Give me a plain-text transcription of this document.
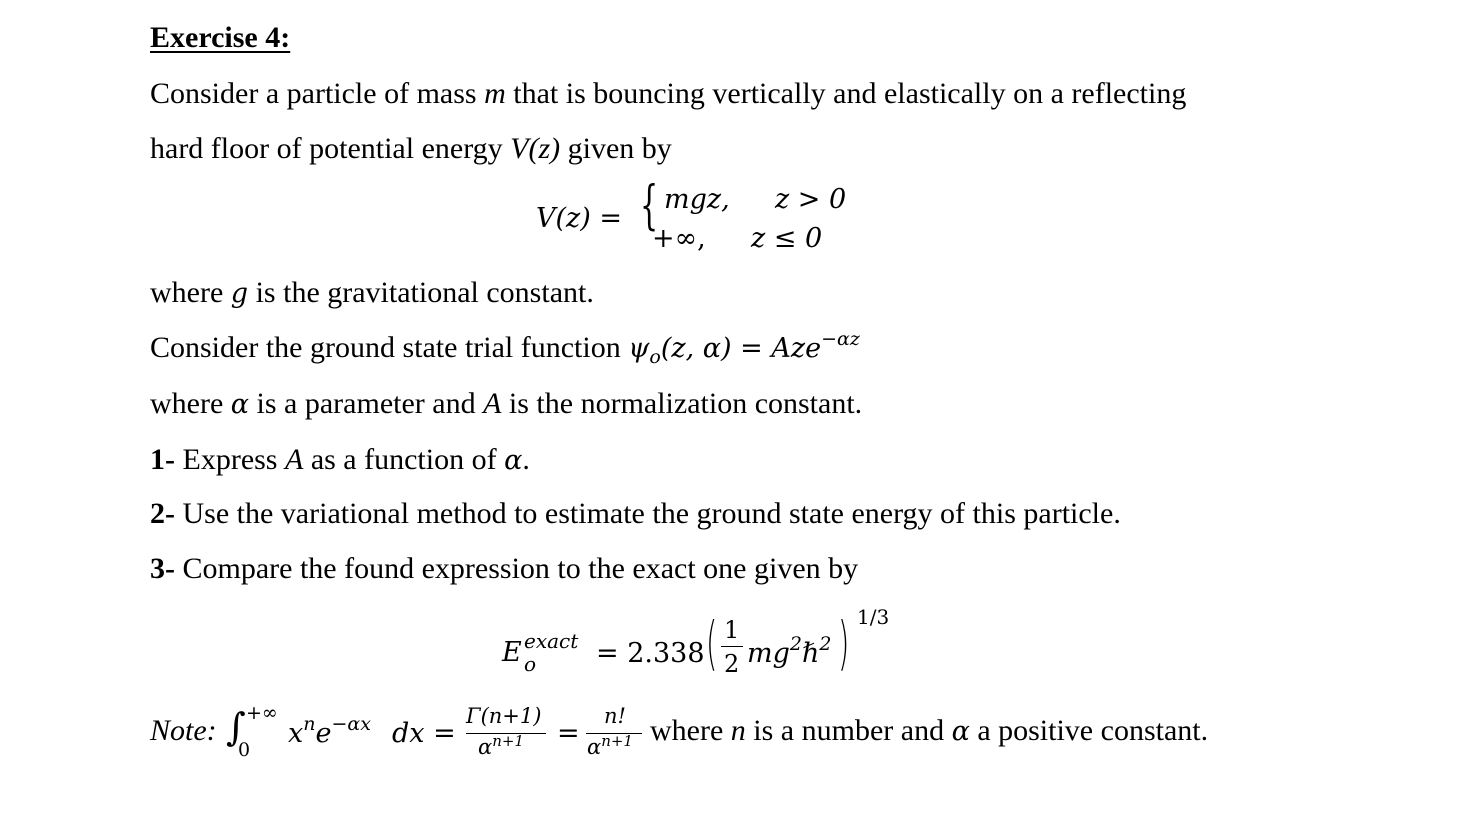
Exercise 4:
Consider a particle of mass m that is bouncing vertically and elastically on a reflecting
hard floor of potential energy V(z) given by
V(z) = { mgz, z > 0
+∞, z ≤ 0
where g is the gravitational constant.
Consider the ground state trial function $\psi_o(z$, α) = Aze$^{-\alpha z}$
where α is a parameter and A is the normalization constant.
1- Express A as a function of α.
2- Use the variational method to estimate the ground state energy of this particle.
3- Compare the found expression to the exact one given by
E exact
o = 2.338 ( 1
2 $mg^2\hbar^2$ ) 1/3
Note: ∫ +∞
0
$x^ne^{-\alpha x}$ dx =
Γ(n+1)
$\alpha^{n+1}$ =
n!
$\alpha^{n+1}$ where n is a number and α a positive constant.
